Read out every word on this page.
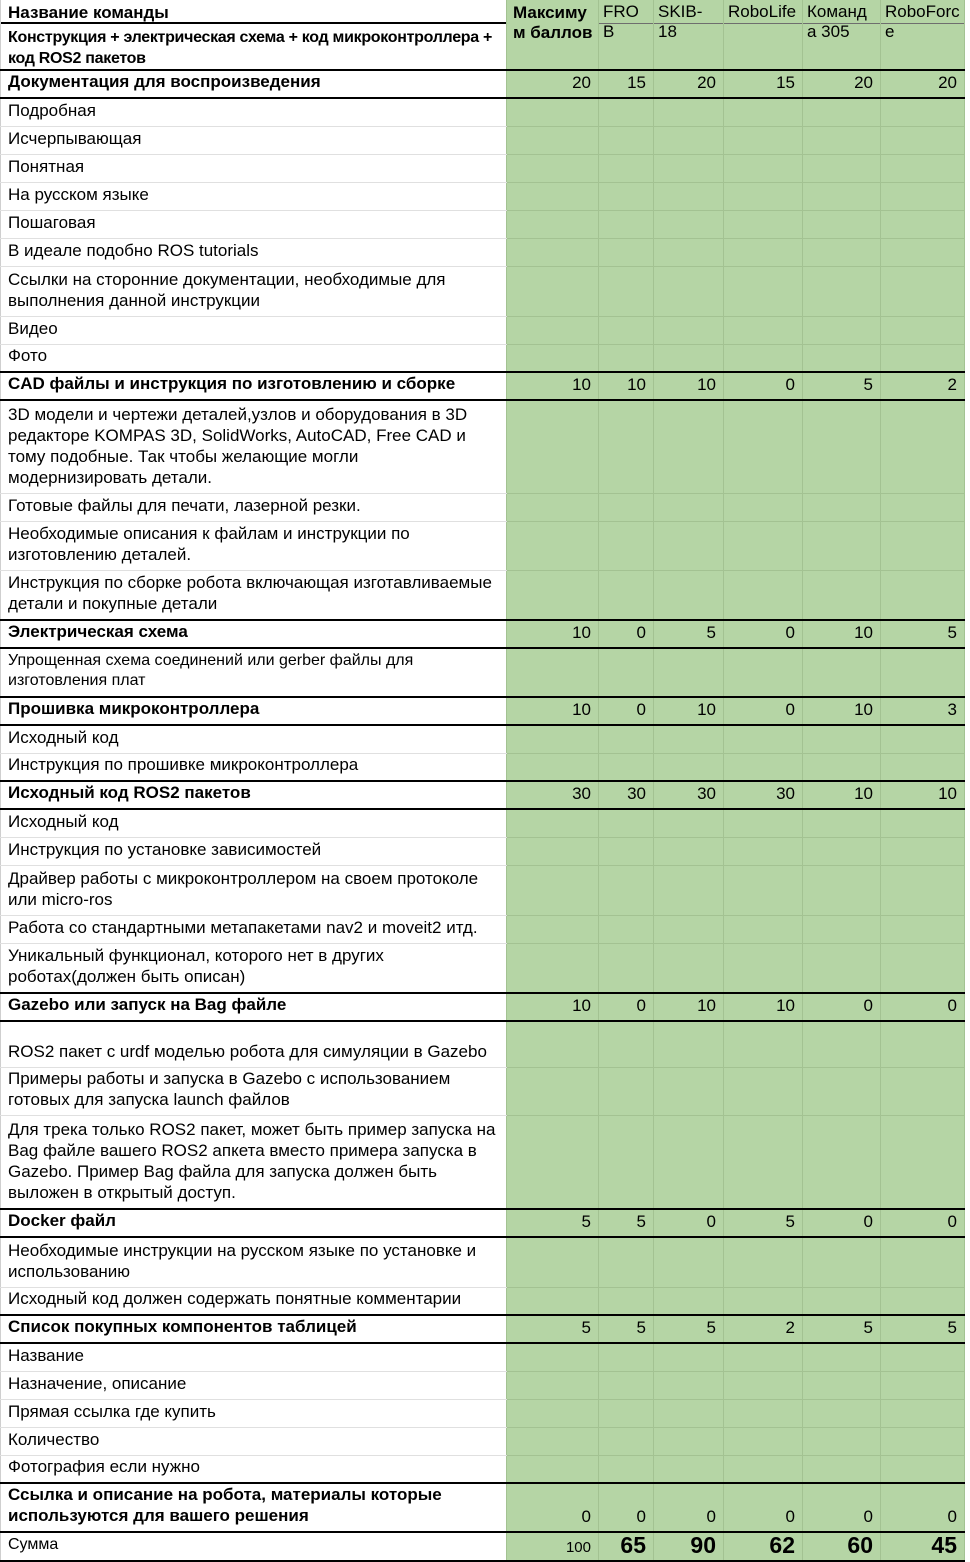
Название команды
Конструкция + электрическая схема + код микроконтроллера + код ROS2 пакетов	Максимум баллов	FROB	SKIB-18	RoboLife	Команда 305	RoboForce
Документация для воспроизведения	20	15	20	15	20	20
Подробная						
Исчерпывающая						
Понятная						
На русском языке						
Пошаговая						
В идеале подобно ROS tutorials						
Ссылки на сторонние документации, необходимые для выполнения данной инструкции						
Видео						
Фото						
CAD файлы и инструкция по изготовлению и сборке	10	10	10	0	5	2
3D модели и чертежи деталей,узлов и оборудования в 3D редакторе KOMPAS 3D, SolidWorks, AutoCAD, Free CAD и тому подобные. Так чтобы желающие могли модернизировать детали.						
Готовые файлы для печати, лазерной резки.						
Необходимые описания к файлам и инструкции по изготовлению деталей.						
Инструкция по сборке робота включающая изготавливаемые детали и покупные детали						
Электрическая схема	10	0	5	0	10	5
Упрощенная схема соединений или gerber файлы для изготовления плат						
Прошивка микроконтроллера	10	0	10	0	10	3
Исходный код						
Инструкция по прошивке микроконтроллера						
Исходный код ROS2 пакетов	30	30	30	30	10	10
Исходный код						
Инструкция по установке зависимостей						
Драйвер работы с микроконтроллером на своем протоколе или micro-ros						
Работа со стандартными метапакетами nav2 и moveit2 итд.						
Уникальный функционал, которого нет в других роботах(должен быть описан)						
Gazebo или запуск на Bag файле	10	0	10	10	0	0
ROS2 пакет с urdf моделью робота для симуляции в Gazebo						
Примеры работы и запуска в Gazebo с использованием готовых для запуска launch файлов						
Для трека только ROS2 пакет, может быть пример запуска на Bag файле вашего ROS2 апкета вместо примера запуска в Gazebo. Пример Bag файла для запуска должен быть выложен в открытый доступ.						
Docker файл	5	5	0	5	0	0
Необходимые инструкции на русском языке по установке и использованию						
Исходный код должен содержать понятные комментарии						
Список покупных компонентов таблицей	5	5	5	2	5	5
Название						
Назначение, описание						
Прямая ссылка где купить						
Количество						
Фотография если нужно						
Ссылка и описание на робота, материалы которые используются для вашего решения	0	0	0	0	0	0
Сумма	100	65	90	62	60	45
